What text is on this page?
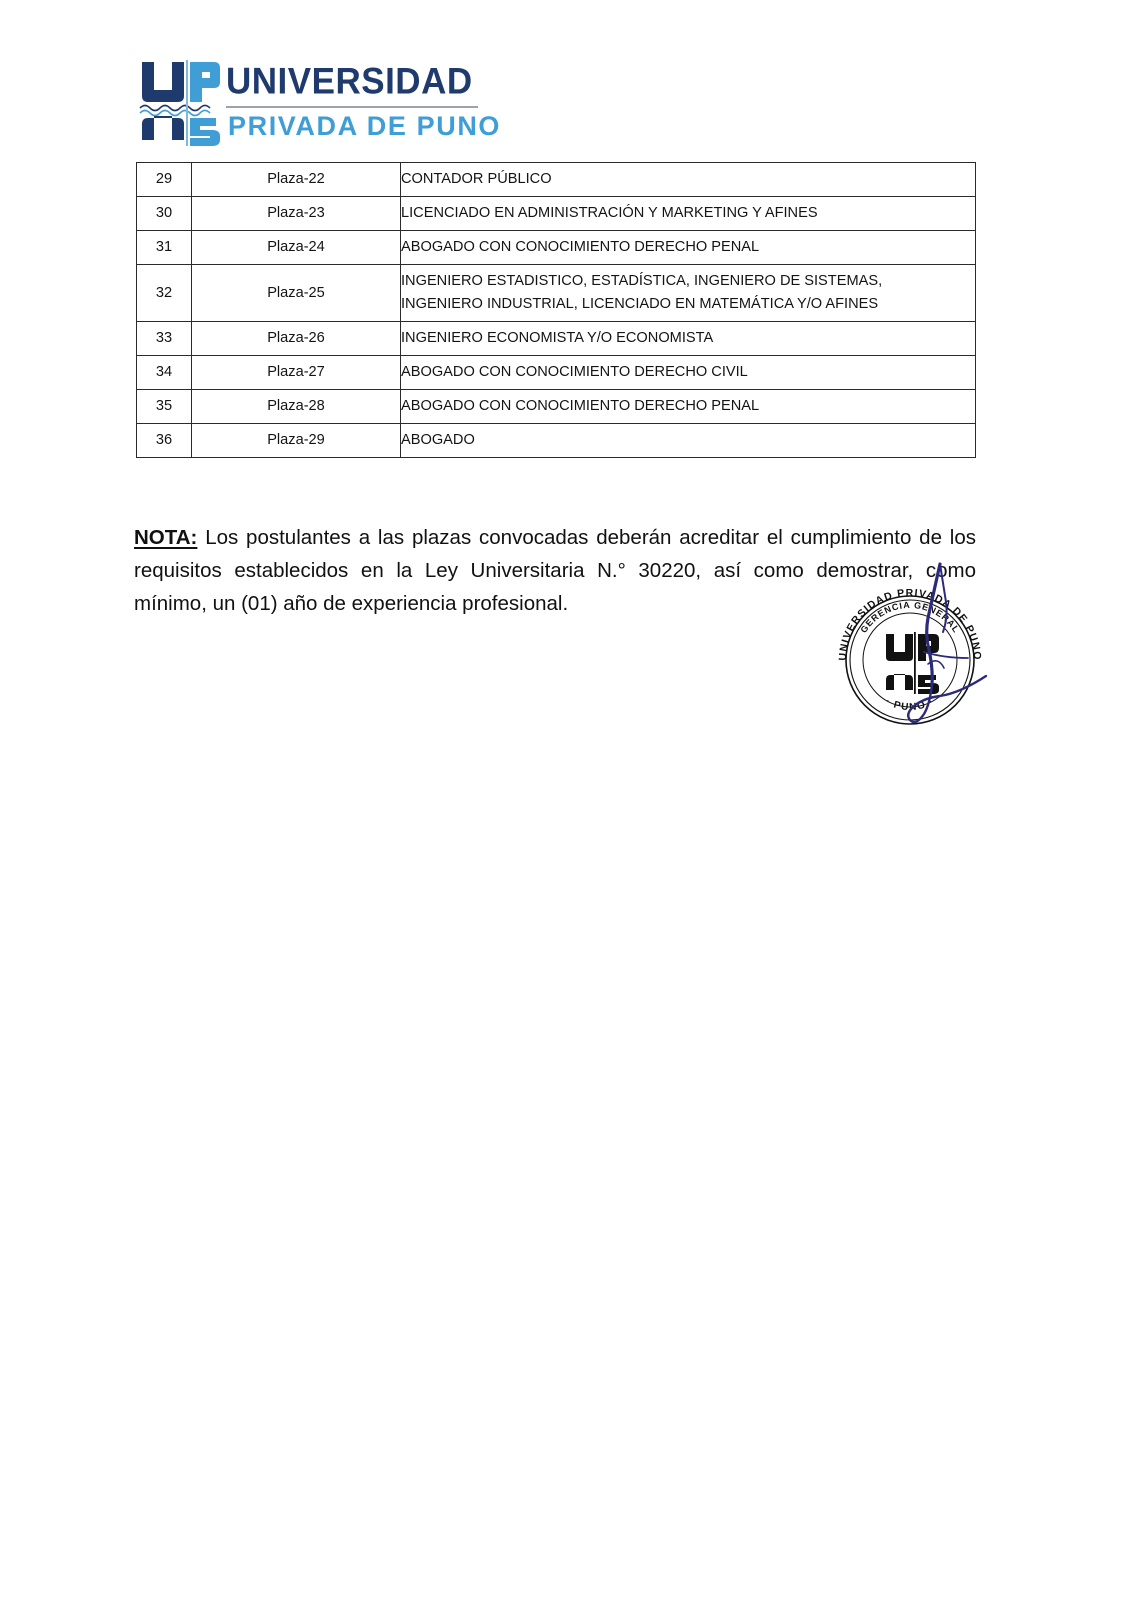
UNIVERSIDAD
PRIVADA DE PUNO
29	Plaza-22	CONTADOR PÚBLICO

30	Plaza-23	LICENCIADO EN ADMINISTRACIÓN Y MARKETING Y AFINES

31	Plaza-24	ABOGADO CON CONOCIMIENTO DERECHO PENAL

32	Plaza-25	INGENIERO ESTADISTICO, ESTADÍSTICA, INGENIERO DE SISTEMAS,
INGENIERO INDUSTRIAL, LICENCIADO EN MATEMÁTICA Y/O AFINES

33	Plaza-26	INGENIERO ECONOMISTA Y/O ECONOMISTA

34	Plaza-27	ABOGADO CON CONOCIMIENTO DERECHO CIVIL

35	Plaza-28	ABOGADO CON CONOCIMIENTO DERECHO PENAL

36	Plaza-29	ABOGADO

NOTA: Los postulantes a las plazas convocadas deberán acreditar el cumplimiento de los requisitos establecidos en la Ley Universitaria N.° 30220, así como demostrar, como mínimo, un (01) año de experiencia profesional.

UNIVERSIDAD PRIVADA DE PUNO
GERENCIA GENERAL
· PUNO ·
